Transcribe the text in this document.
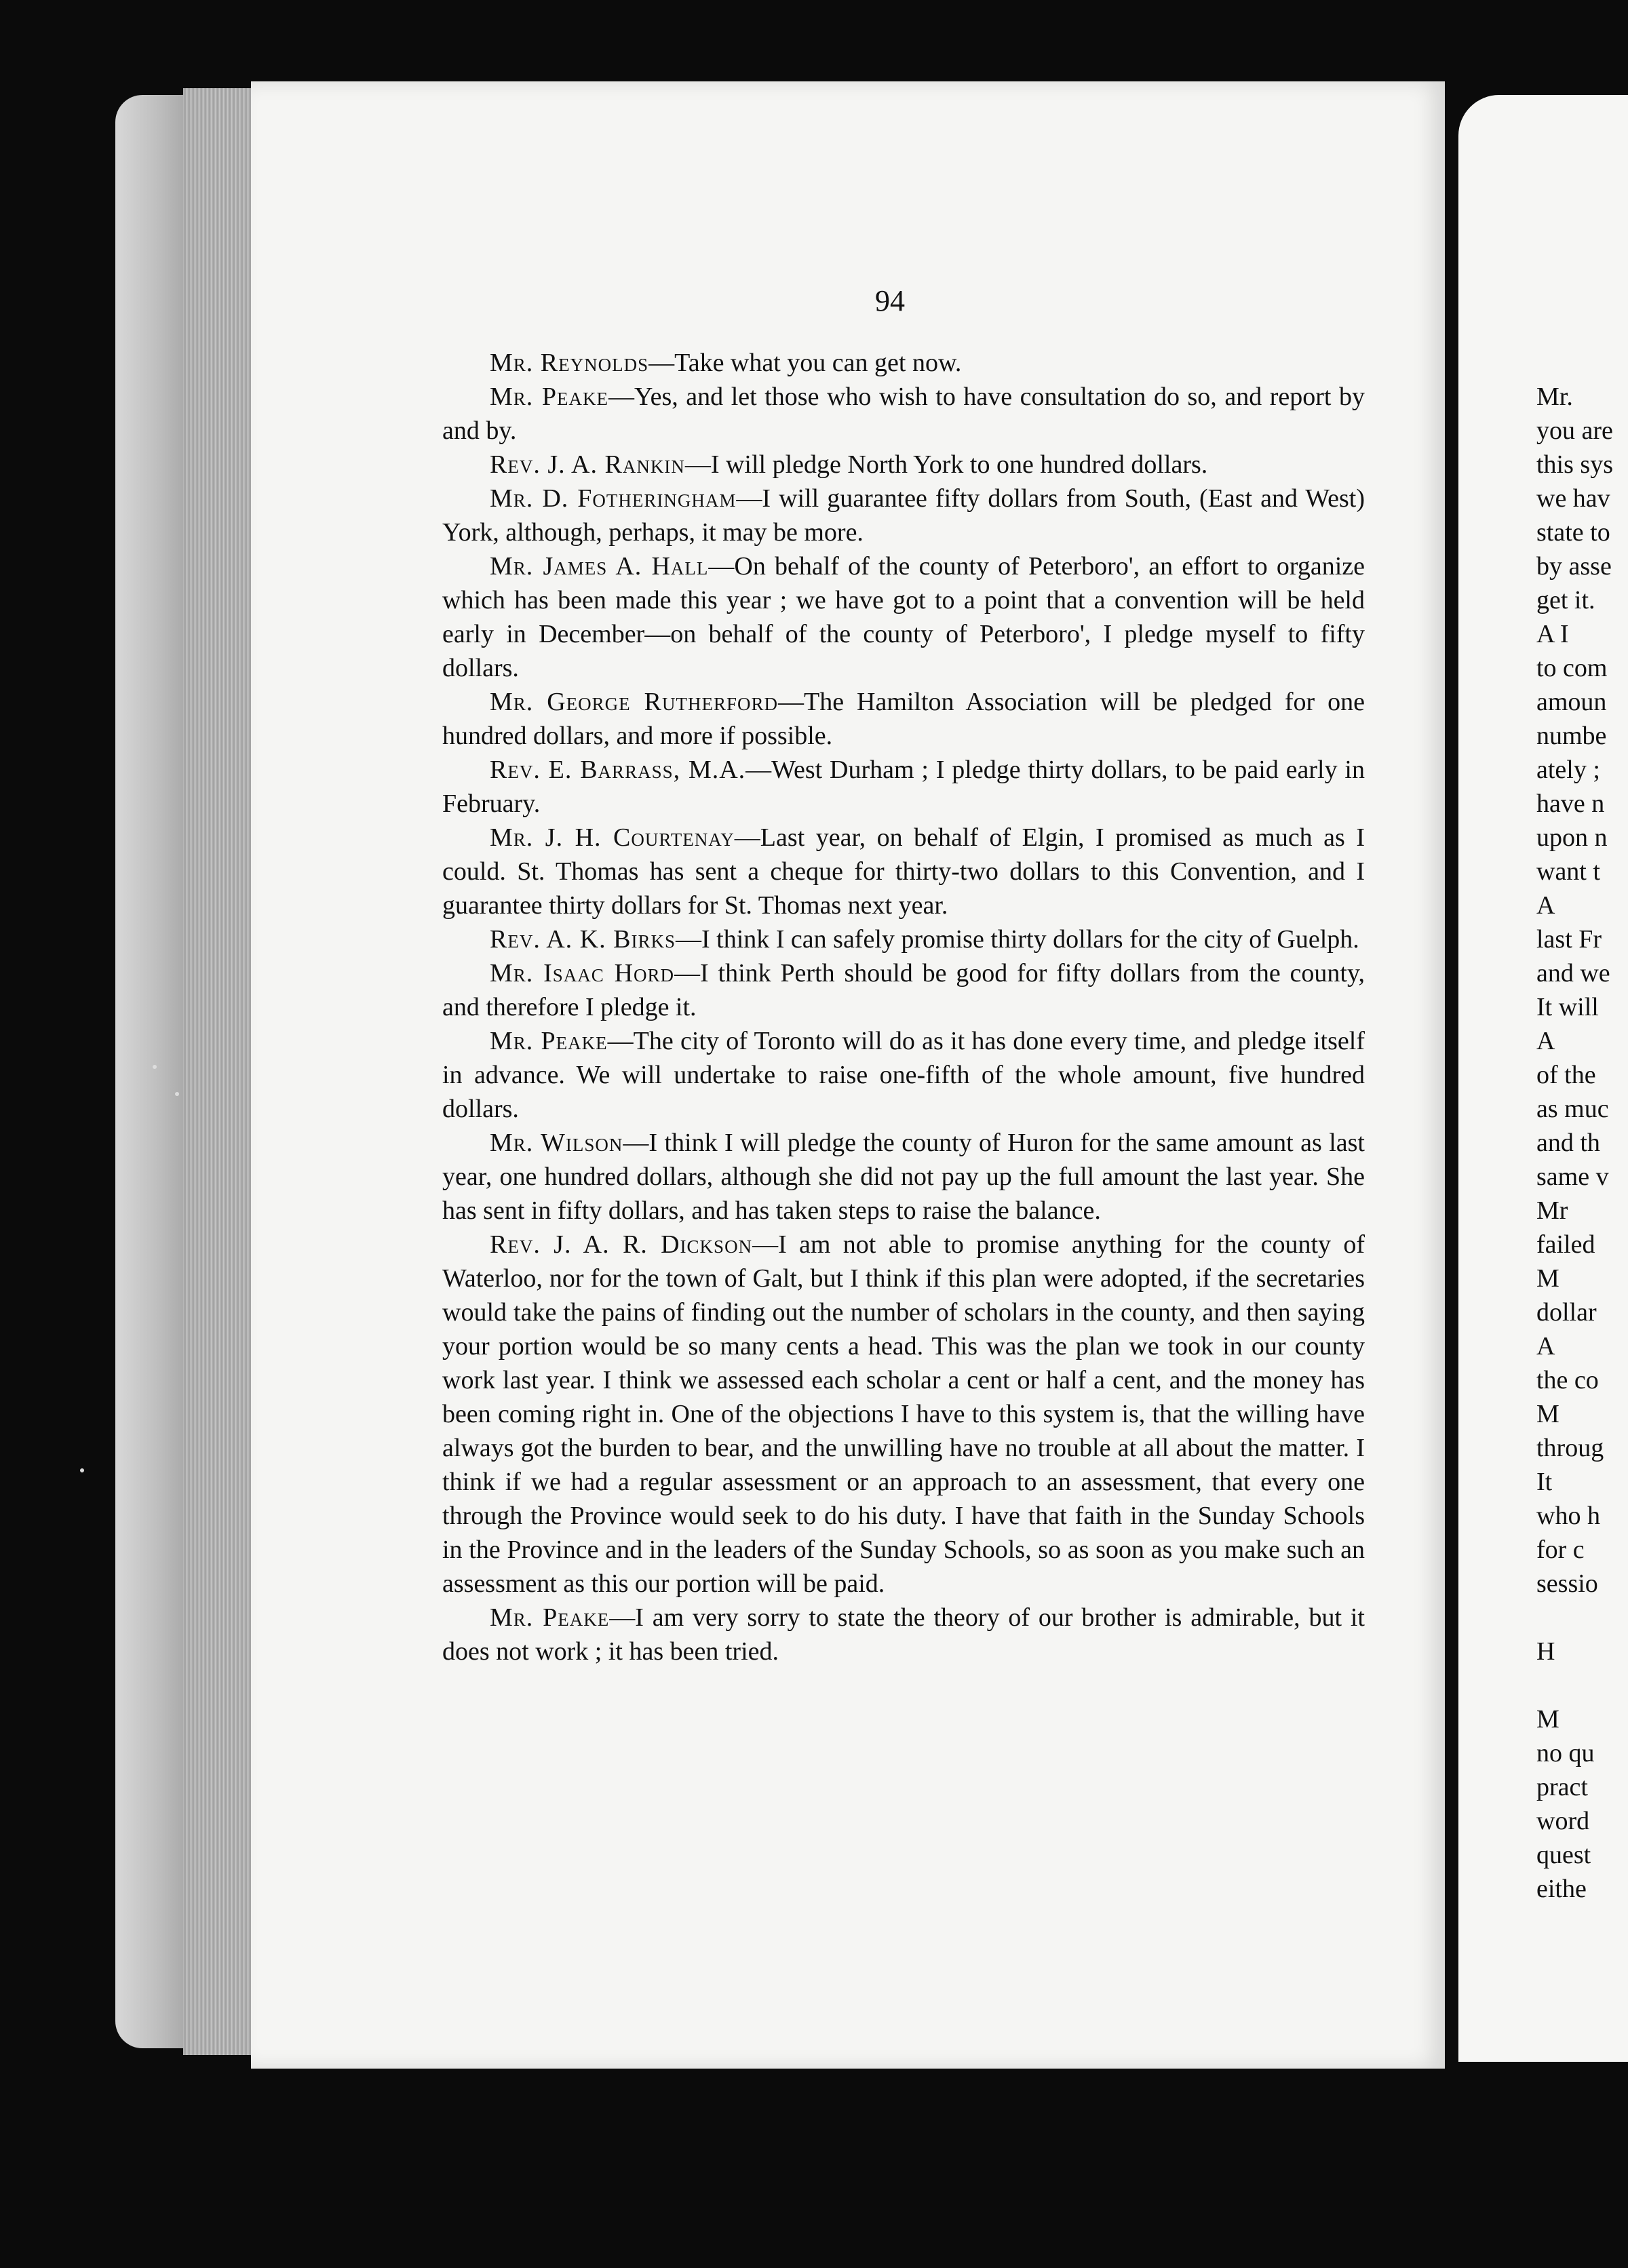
94

Mr. Reynolds—Take what you can get now.

Mr. Peake—Yes, and let those who wish to have consultation do so, and report by and by.

Rev. J. A. Rankin—I will pledge North York to one hundred dollars.

Mr. D. Fotheringham—I will guarantee fifty dollars from South, (East and West) York, although, perhaps, it may be more.

Mr. James A. Hall—On behalf of the county of Peterboro', an effort to organize which has been made this year ; we have got to a point that a convention will be held early in December—on behalf of the county of Peterboro', I pledge myself to fifty dollars.

Mr. George Rutherford—The Hamilton Association will be pledged for one hundred dollars, and more if possible.

Rev. E. Barrass, M.A.—West Durham ; I pledge thirty dollars, to be paid early in February.

Mr. J. H. Courtenay—Last year, on behalf of Elgin, I promised as much as I could. St. Thomas has sent a cheque for thirty-two dollars to this Convention, and I guarantee thirty dollars for St. Thomas next year.

Rev. A. K. Birks—I think I can safely promise thirty dollars for the city of Guelph.

Mr. Isaac Hord—I think Perth should be good for fifty dollars from the county, and therefore I pledge it.

Mr. Peake—The city of Toronto will do as it has done every time, and pledge itself in advance. We will undertake to raise one-fifth of the whole amount, five hundred dollars.

Mr. Wilson—I think I will pledge the county of Huron for the same amount as last year, one hundred dollars, although she did not pay up the full amount the last year. She has sent in fifty dollars, and has taken steps to raise the balance.

Rev. J. A. R. Dickson—I am not able to promise anything for the county of Waterloo, nor for the town of Galt, but I think if this plan were adopted, if the secretaries would take the pains of finding out the number of scholars in the county, and then saying your portion would be so many cents a head. This was the plan we took in our county work last year. I think we assessed each scholar a cent or half a cent, and the money has been coming right in. One of the objections I have to this system is, that the willing have always got the burden to bear, and the unwilling have no trouble at all about the matter. I think if we had a regular assessment or an approach to an assessment, that every one through the Province would seek to do his duty. I have that faith in the Sunday Schools in the Province and in the leaders of the Sunday Schools, so as soon as you make such an assessment as this our portion will be paid.

Mr. Peake—I am very sorry to state the theory of our brother is admirable, but it does not work ; it has been tried.

Mr.
you are
this sys
we hav
state to
by asse
get it.
A I
to com
amoun
numbe
ately ;
have n
upon n
want t
A
last Fr
and we
It will
A
of the
as muc
and th
same v
Mr
failed
M
dollar
A
the co
M
throug
It
who h
for c
sessio
H
M
no qu
pract
word
quest
eithe
